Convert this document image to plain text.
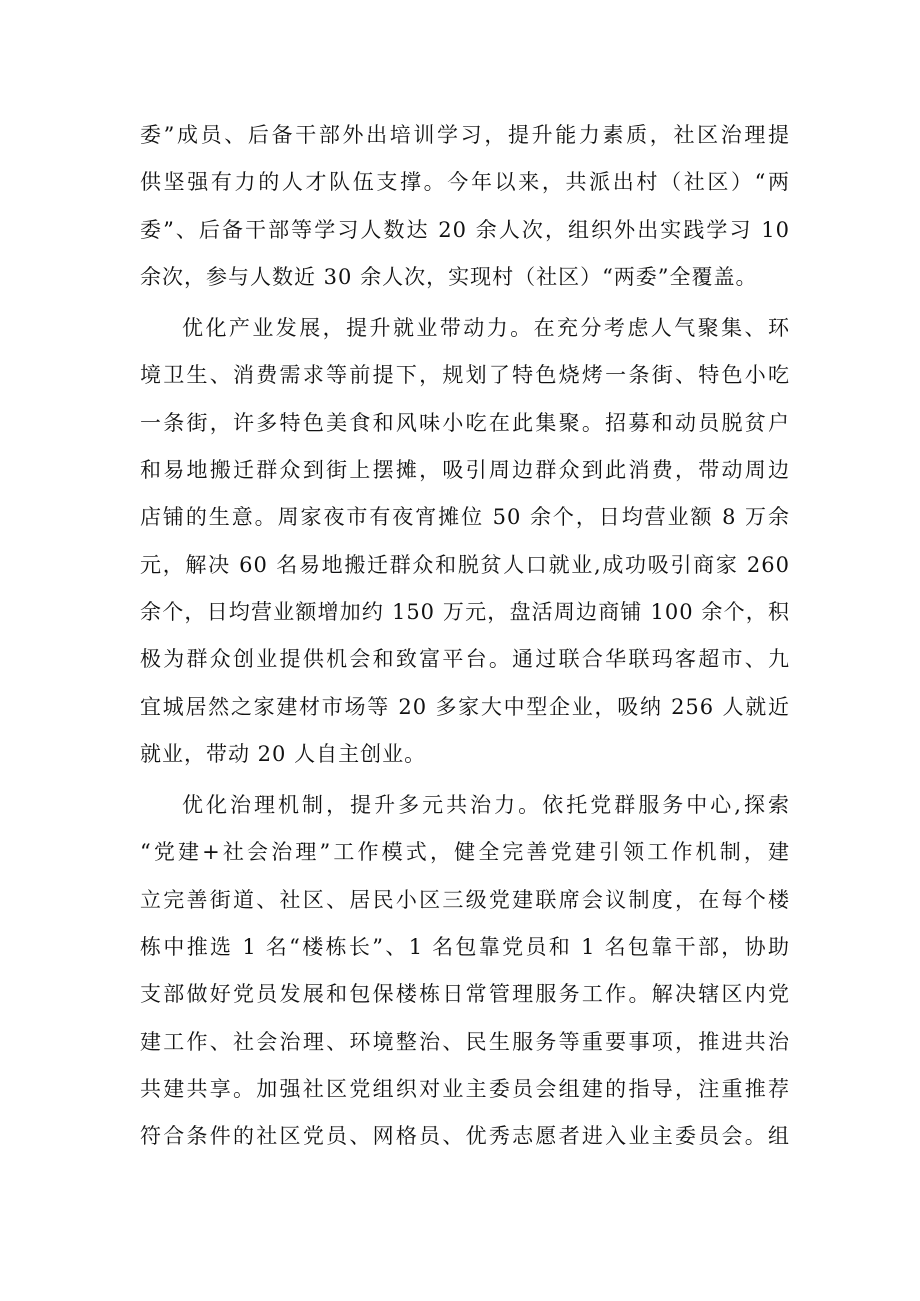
委”成员、后备干部外出培训学习，提升能力素质，社区治理提
供坚强有力的人才队伍支撑。今年以来，共派出村（社区）“两
委”、后备干部等学习人数达 20 余人次，组织外出实践学习 10
余次，参与人数近 30 余人次，实现村（社区）“两委”全覆盖。
优化产业发展，提升就业带动力。在充分考虑人气聚集、环
境卫生、消费需求等前提下，规划了特色烧烤一条街、特色小吃
一条街，许多特色美食和风味小吃在此集聚。招募和动员脱贫户
和易地搬迁群众到街上摆摊，吸引周边群众到此消费，带动周边
店铺的生意。周家夜市有夜宵摊位 50 余个，日均营业额 8 万余
元，解决 60 名易地搬迁群众和脱贫人口就业,成功吸引商家 260
余个，日均营业额增加约 150 万元，盘活周边商铺 100 余个，积
极为群众创业提供机会和致富平台。通过联合华联玛客超市、九
宜城居然之家建材市场等 20 多家大中型企业，吸纳 256 人就近
就业，带动 20 人自主创业。
优化治理机制，提升多元共治力。依托党群服务中心,探索
“党建+社会治理”工作模式，健全完善党建引领工作机制，建
立完善街道、社区、居民小区三级党建联席会议制度，在每个楼
栋中推选 1 名“楼栋长”、1 名包靠党员和 1 名包靠干部，协助
支部做好党员发展和包保楼栋日常管理服务工作。解决辖区内党
建工作、社会治理、环境整治、民生服务等重要事项，推进共治
共建共享。加强社区党组织对业主委员会组建的指导，注重推荐
符合条件的社区党员、网格员、优秀志愿者进入业主委员会。组
